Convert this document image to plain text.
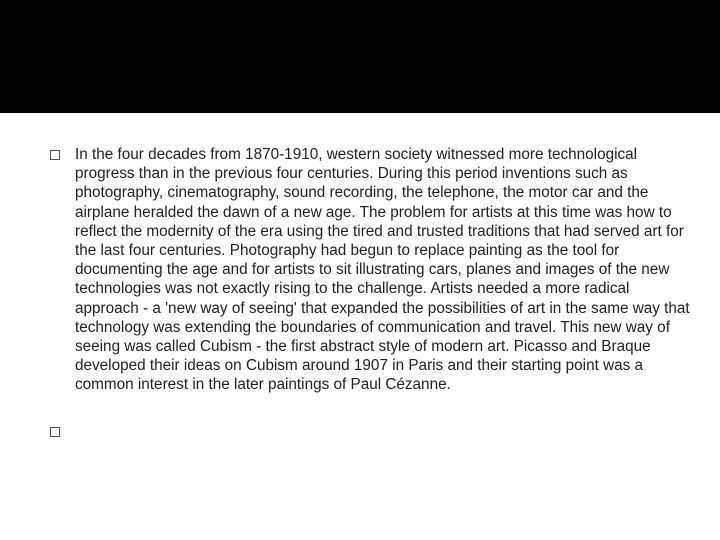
In the four decades from 1870-1910, western society witnessed more technological progress than in the previous four centuries. During this period inventions such as photography, cinematography, sound recording, the telephone, the motor car and the airplane heralded the dawn of a new age. The problem for artists at this time was how to reflect the modernity of the era using the tired and trusted traditions that had served art for the last four centuries. Photography had begun to replace painting as the tool for documenting the age and for artists to sit illustrating cars, planes and images of the new technologies was not exactly rising to the challenge. Artists needed a more radical approach - a 'new way of seeing' that expanded the possibilities of art in the same way that technology was extending the boundaries of communication and travel. This new way of seeing was called Cubism - the first abstract style of modern art. Picasso and Braque developed their ideas on Cubism around 1907 in Paris and their starting point was a common interest in the later paintings of Paul Cézanne.
